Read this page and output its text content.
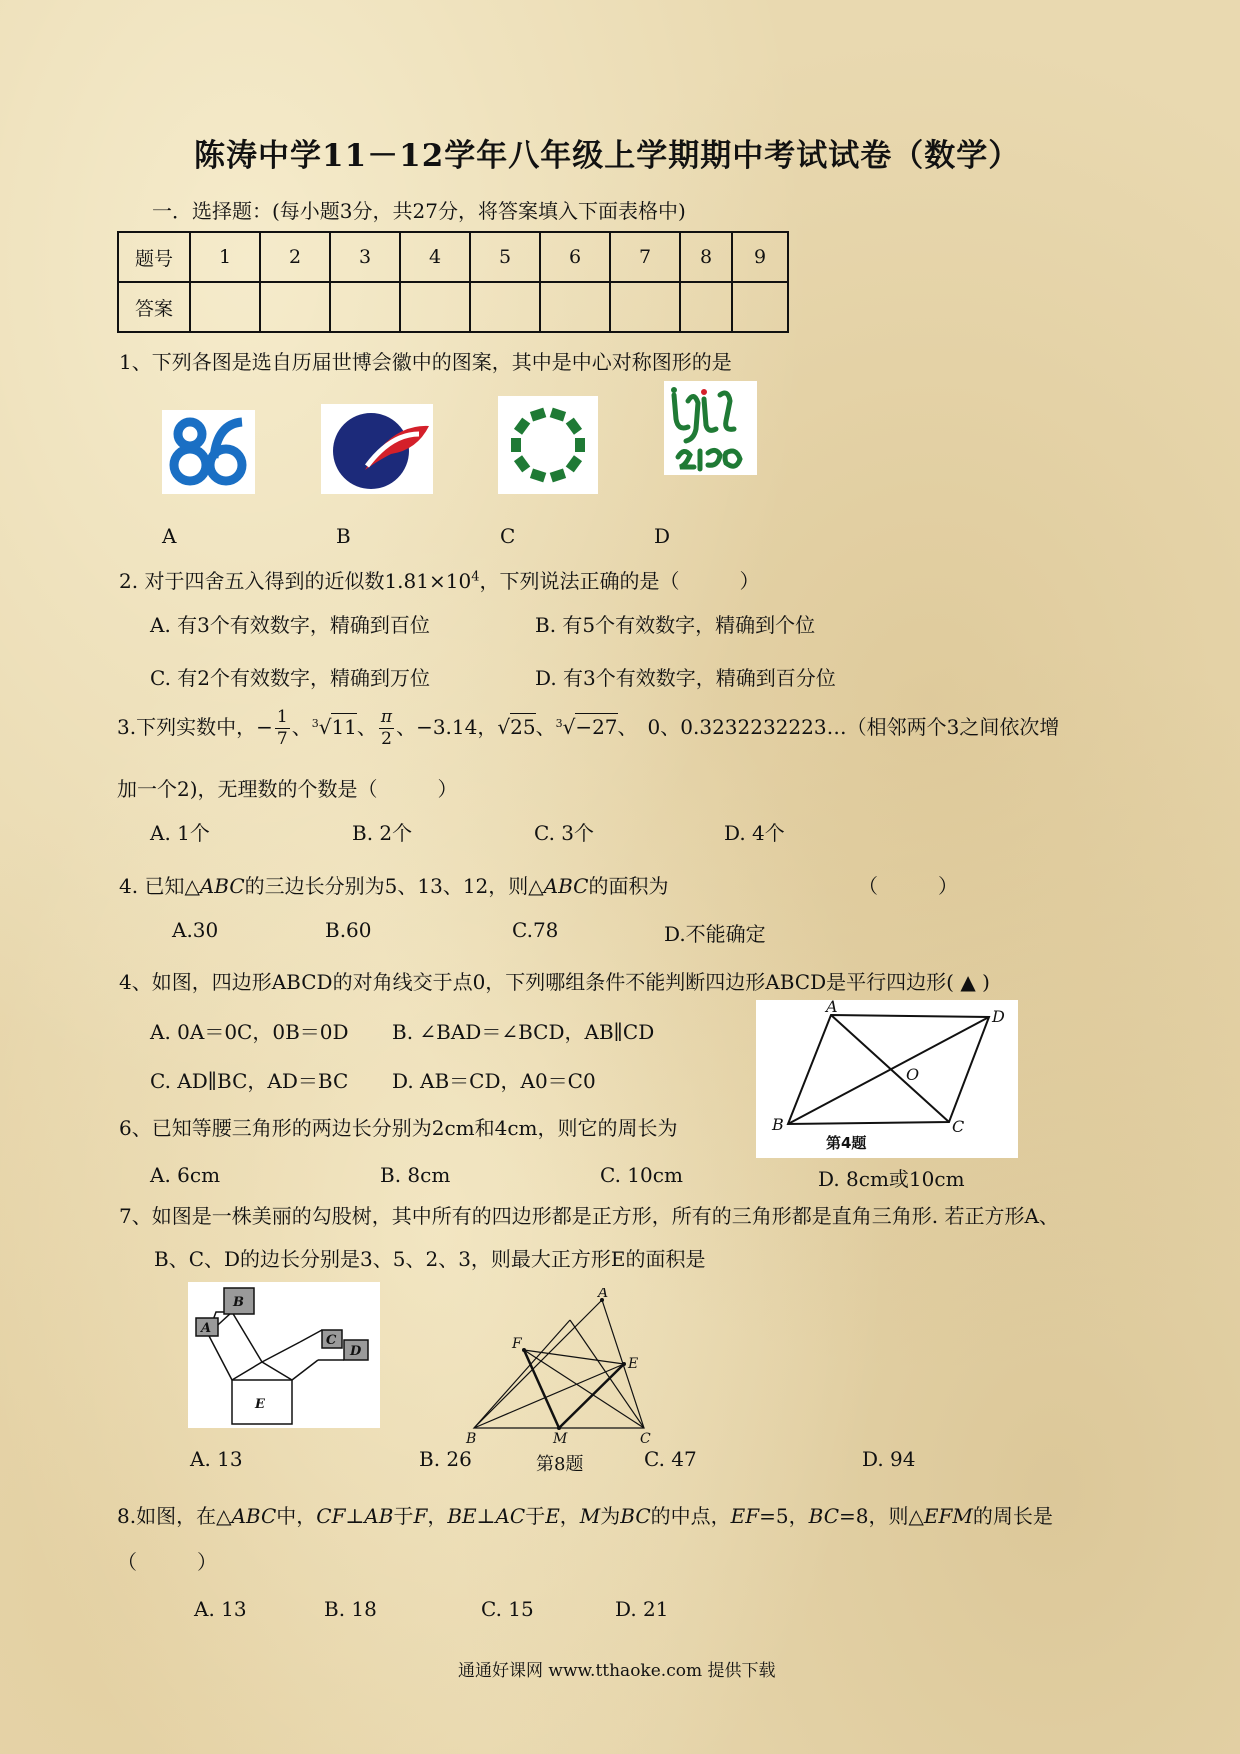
陈涛中学11－12学年八年级上学期期中考试试卷（数学）
一．选择题：(每小题3分，共27分，将答案填入下面表格中)
题号	1	2	3	4	5	6	7	8	9
答案									
1、下列各图是选自历届世博会徽中的图案，其中是中心对称图形的是
A	B	C	D
2. 对于四舍五入得到的近似数$1.81\times 10^4$，下列说法正确的是（　　　）
A. 有3个有效数字，精确到百位	B. 有5个有效数字，精确到个位
C. 有2个有效数字，精确到万位	D. 有3个有效数字，精确到百分位
3.下列实数中，− $\frac{1}{7}$ 、$^3$√11、 $\frac{\pi}{2}$ 、−3.14，√25、$^3$√−27、　0、0.3232232223…（相邻两个3之间依次增
加一个2)，无理数的个数是（　　　）
A. 1个	B. 2个	C. 3个	D. 4个
4. 已知△ABC的三边长分别为5、13、12，则△ABC的面积为	（　　　）
A.30	B.60	C.78	D.不能确定
4、如图，四边形ABCD的对角线交于点0，下列哪组条件不能判断四边形ABCD是平行四边形( ▲ )
A. 0A＝0C，0B＝0D B. ∠BAD＝∠BCD，AB∥CD
C. AD∥BC，AD＝BC D. AB＝CD，A0＝C0
A
D
O
B	C
第4题
6、已知等腰三角形的两边长分别为2cm和4cm，则它的周长为
A. 6cm	B. 8cm	C. 10cm	D. 8cm或10cm
7、如图是一株美丽的勾股树，其中所有的四边形都是正方形，所有的三角形都是直角三角形. 若正方形A、
B、C、D的边长分别是3、5、2、3，则最大正方形E的面积是
A
B
C
D
E
A
F
E
B	M	C
A. 13	B. 26	第8题	C. 47	D. 94
8.如图，在△ABC中，CF⊥AB于F，BE⊥AC于E，M为BC的中点，EF=5，BC=8，则△EFM的周长是
（　　　）
A. 13	B. 18	C. 15	D. 21
通通好课网 www.tthaoke.com 提供下载
